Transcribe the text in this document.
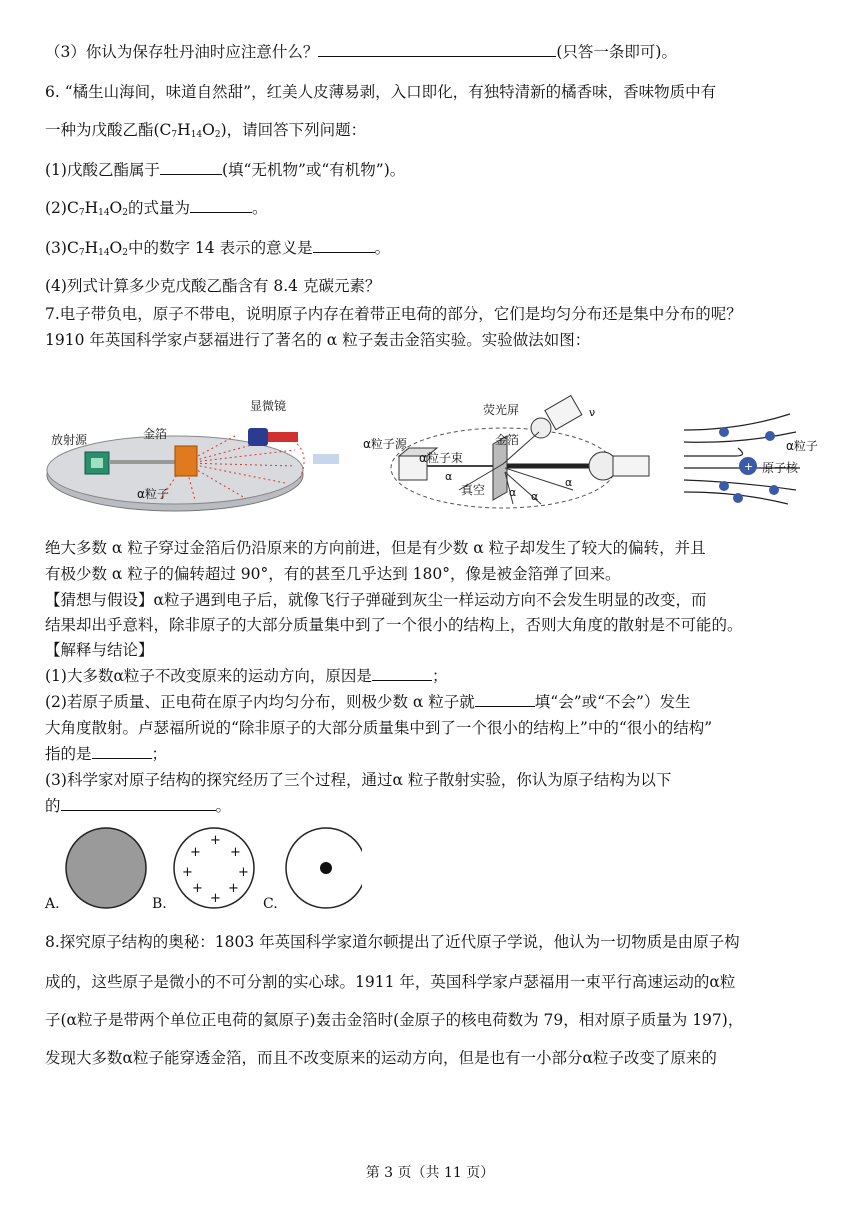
（3）你认为保存牡丹油时应注意什么？	(只答一条即可)。
6. “橘生山海间，味道自然甜”，红美人皮薄易剥，入口即化，有独特清新的橘香味，香味物质中有
一种为戊酸乙酯$(C_7H_{14}O_2)$，请回答下列问题：
(1)戊酸乙酯属于	(填“无机物”或“有机物”)。
$(2)C_7H_{14}O_2$的式量为	。
$(3)C_7H_{14}O_2$中的数字 14 表示的意义是	。
(4)列式计算多少克戊酸乙酯含有 8.4 克碳元素？
7.电子带负电，原子不带电，说明原子内存在着带正电荷的部分，它们是均匀分布还是集中分布的呢？
1910 年英国科学家卢瑟福进行了著名的 α 粒子轰击金箔实验。实验做法如图：
金箔
显微镜
放射源
α粒子
荧光屏
α粒子源
α粒子束
金箔
真空
ν
α
α α
α
+
α粒子
原子核
绝大多数 α 粒子穿过金箔后仍沿原来的方向前进，但是有少数 α 粒子却发生了较大的偏转，并且
有极少数 α 粒子的偏转超过 90°，有的甚至几乎达到 180°，像是被金箔弹了回来。
【猜想与假设】α粒子遇到电子后，就像飞行子弹碰到灰尘一样运动方向不会发生明显的改变，而
结果却出乎意料，除非原子的大部分质量集中到了一个很小的结构上，否则大角度的散射是不可能的。
【解释与结论】
(1)大多数α粒子不改变原来的运动方向，原因是	；
(2)若原子质量、正电荷在原子内均匀分布，则极少数 α 粒子就	填“会”或“不会”）发生
大角度散射。卢瑟福所说的“除非原子的大部分质量集中到了一个很小的结构上”中的“很小的结构”
指的是	；
(3)科学家对原子结构的探究经历了三个过程，通过α 粒子散射实验，你认为原子结构为以下
的	。
+
+ +
+	+
+ +
+
A.	B.	C.
8.探究原子结构的奥秘：1803 年英国科学家道尔顿提出了近代原子学说，他认为一切物质是由原子构
成的，这些原子是微小的不可分割的实心球。1911 年，英国科学家卢瑟福用一束平行高速运动的α粒
子(α粒子是带两个单位正电荷的氦原子)轰击金箔时(金原子的核电荷数为 79，相对原子质量为 197)，
发现大多数α粒子能穿透金箔，而且不改变原来的运动方向，但是也有一小部分α粒子改变了原来的
第 3 页（共 11 页）
